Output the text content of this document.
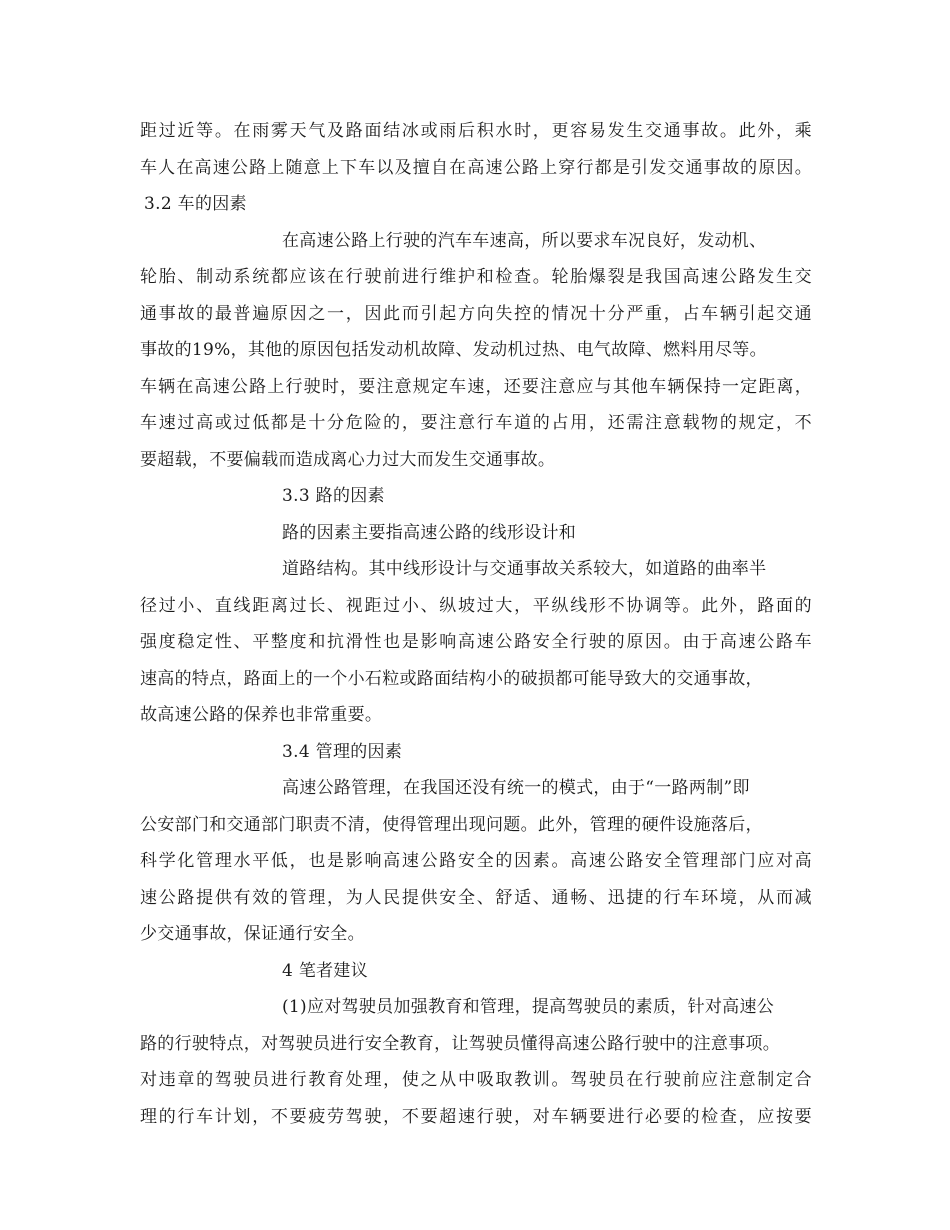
距过近等。在雨雾天气及路面结冰或雨后积水时，更容易发生交通事故。此外，乘
车人在高速公路上随意上下车以及擅自在高速公路上穿行都是引发交通事故的原因。
3.2 车的因素
在高速公路上行驶的汽车车速高，所以要求车况良好，发动机、
轮胎、制动系统都应该在行驶前进行维护和检查。轮胎爆裂是我国高速公路发生交
通事故的最普遍原因之一，因此而引起方向失控的情况十分严重，占车辆引起交通
事故的19%，其他的原因包括发动机故障、发动机过热、电气故障、燃料用尽等。
车辆在高速公路上行驶时，要注意规定车速，还要注意应与其他车辆保持一定距离，
车速过高或过低都是十分危险的，要注意行车道的占用，还需注意载物的规定，不
要超载，不要偏载而造成离心力过大而发生交通事故。
3.3 路的因素
路的因素主要指高速公路的线形设计和
道路结构。其中线形设计与交通事故关系较大，如道路的曲率半
径过小、直线距离过长、视距过小、纵坡过大，平纵线形不协调等。此外，路面的
强度稳定性、平整度和抗滑性也是影响高速公路安全行驶的原因。由于高速公路车
速高的特点，路面上的一个小石粒或路面结构小的破损都可能导致大的交通事故，
故高速公路的保养也非常重要。
3.4 管理的因素
高速公路管理，在我国还没有统一的模式，由于“一路两制”即
公安部门和交通部门职责不清，使得管理出现问题。此外，管理的硬件设施落后，
科学化管理水平低，也是影响高速公路安全的因素。高速公路安全管理部门应对高
速公路提供有效的管理，为人民提供安全、舒适、通畅、迅捷的行车环境，从而减
少交通事故，保证通行安全。
4 笔者建议
(1)应对驾驶员加强教育和管理，提高驾驶员的素质，针对高速公
路的行驶特点，对驾驶员进行安全教育，让驾驶员懂得高速公路行驶中的注意事项。
对违章的驾驶员进行教育处理，使之从中吸取教训。驾驶员在行驶前应注意制定合
理的行车计划，不要疲劳驾驶，不要超速行驶，对车辆要进行必要的检查，应按要
